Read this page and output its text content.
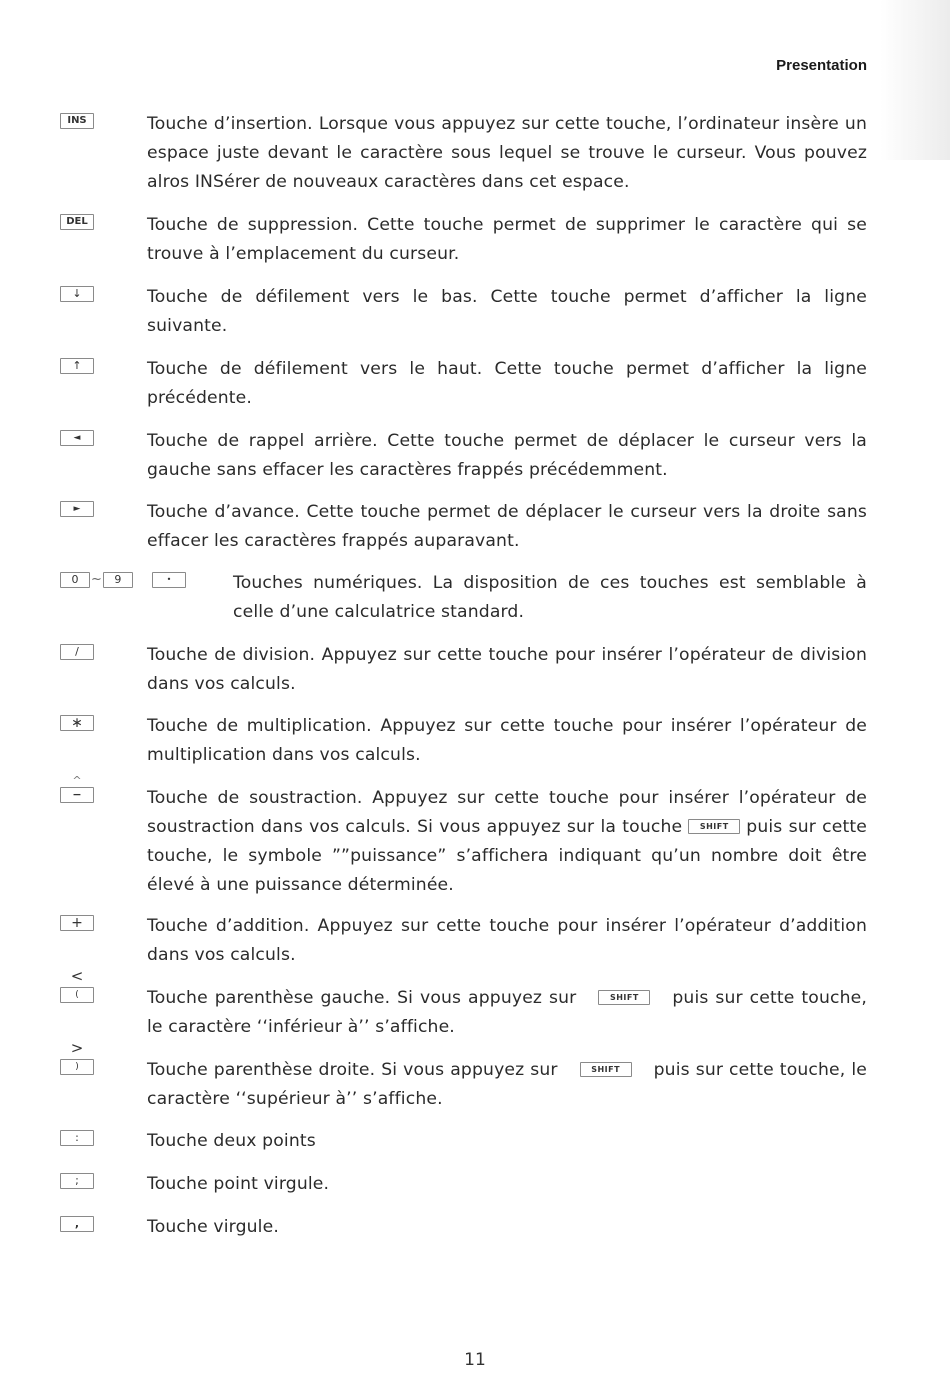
Presentation
INS	Touche d’insertion. Lorsque vous appuyez sur cette touche, l’ordinateur insère un espace juste devant le caractère sous lequel se trouve le curseur. Vous pouvez alros INSérer de nouveaux caractères dans cet espace.
DEL	Touche de suppression. Cette touche permet de supprimer le caractère qui se trouve à l’emplacement du curseur.
↓	Touche de défilement vers le bas. Cette touche permet d’afficher la ligne suivante.
↑	Touche de défilement vers le haut. Cette touche permet d’afficher la ligne précédente.
◄	Touche de rappel arrière. Cette touche permet de déplacer le curseur vers la gauche sans effacer les caractères frappés précédemment.
►	Touche d’avance. Cette touche permet de déplacer le curseur vers la droite sans effacer les caractères frappés auparavant.
0 ~ 9	•	Touches numériques. La disposition de ces touches est semblable à celle d’une calculatrice standard.
/	Touche de division. Appuyez sur cette touche pour insérer l’opérateur de division dans vos calculs.
∗	Touche de multiplication. Appuyez sur cette touche pour insérer l’opérateur de multiplication dans vos calculs.
^
−	Touche de soustraction. Appuyez sur cette touche pour insérer l’opérateur de soustraction dans vos calculs. Si vous appuyez sur la touche SHIFT puis sur cette touche, le symbole ””puissance” s’affichera indiquant qu’un nombre doit être élevé à une puissance déterminée.
+	Touche d’addition. Appuyez sur cette touche pour insérer l’opérateur d’addition dans vos calculs.
<
(	Touche parenthèse gauche. Si vous appuyez sur	SHIFT puis sur cette touche, le caractère ‘‘inférieur à’’ s’affiche.
>
)	Touche parenthèse droite. Si vous appuyez sur	SHIFT puis sur cette touche, le caractère ‘‘supérieur à’’ s’affiche.
:	Touche deux points
;	Touche point virgule.
,	Touche virgule.
11
